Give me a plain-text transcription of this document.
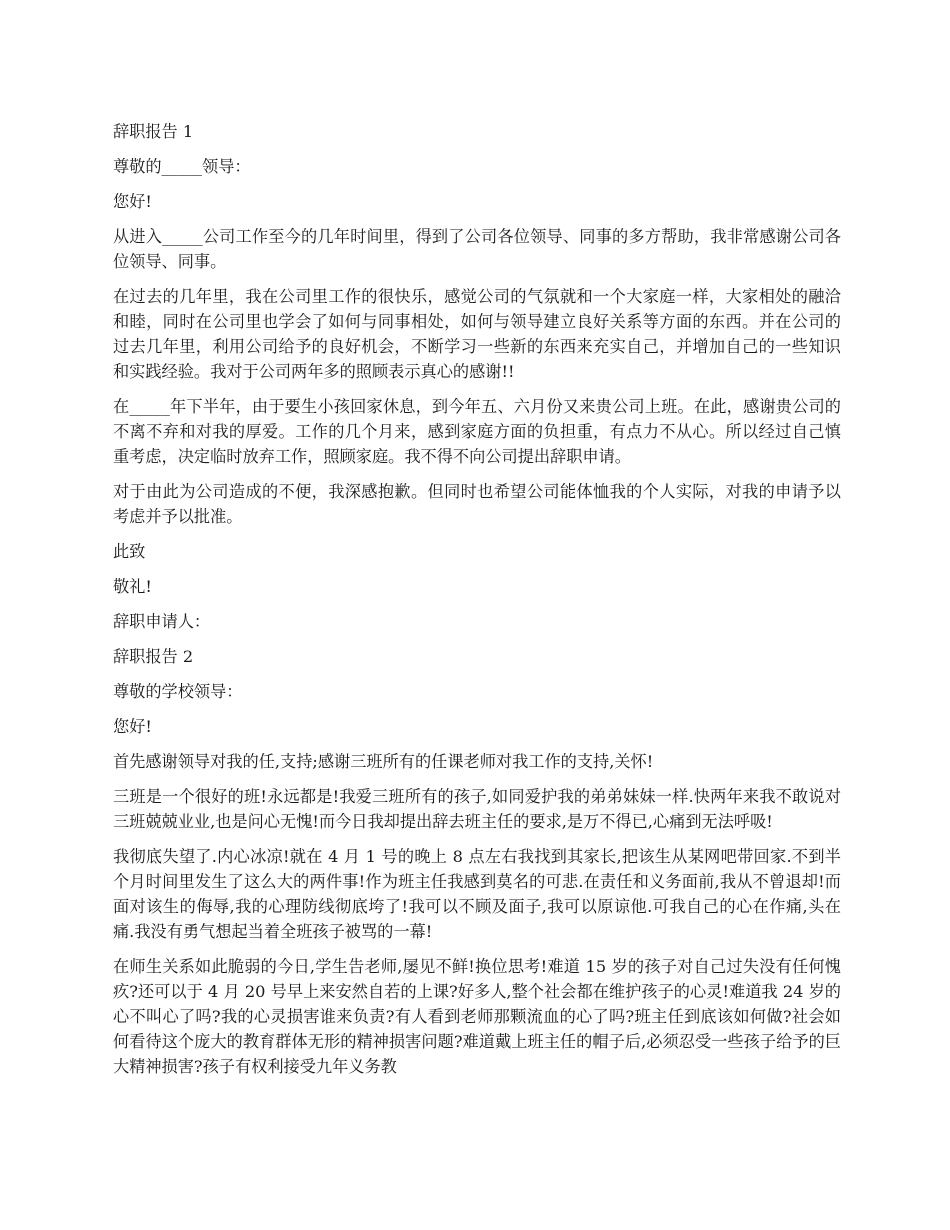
辞职报告 1

尊敬的_____领导：

您好!

从进入_____公司工作至今的几年时间里，得到了公司各位领导、同事的多方帮助，我非常感谢公司各位领导、同事。

在过去的几年里，我在公司里工作的很快乐，感觉公司的气氛就和一个大家庭一样，大家相处的融洽和睦，同时在公司里也学会了如何与同事相处，如何与领导建立良好关系等方面的东西。并在公司的过去几年里，利用公司给予的良好机会，不断学习一些新的东西来充实自己，并增加自己的一些知识和实践经验。我对于公司两年多的照顾表示真心的感谢!!

在_____年下半年，由于要生小孩回家休息，到今年五、六月份又来贵公司上班。在此，感谢贵公司的不离不弃和对我的厚爱。工作的几个月来，感到家庭方面的负担重，有点力不从心。所以经过自己慎重考虑，决定临时放弃工作，照顾家庭。我不得不向公司提出辞职申请。

对于由此为公司造成的不便，我深感抱歉。但同时也希望公司能体恤我的个人实际，对我的申请予以考虑并予以批准。

此致

敬礼!

辞职申请人：

辞职报告 2

尊敬的学校领导：

您好!

首先感谢领导对我的任,支持;感谢三班所有的任课老师对我工作的支持,关怀!

三班是一个很好的班!永远都是!我爱三班所有的孩子,如同爱护我的弟弟妹妹一样.快两年来我不敢说对三班兢兢业业,也是问心无愧!而今日我却提出辞去班主任的要求,是万不得已,心痛到无法呼吸!

我彻底失望了.内心冰凉!就在 4 月 1 号的晚上 8 点左右我找到其家长,把该生从某网吧带回家.不到半个月时间里发生了这么大的两件事!作为班主任我感到莫名的可悲.在责任和义务面前,我从不曾退却!而面对该生的侮辱,我的心理防线彻底垮了!我可以不顾及面子,我可以原谅他.可我自己的心在作痛,头在痛.我没有勇气想起当着全班孩子被骂的一幕!

在师生关系如此脆弱的今日,学生告老师,屡见不鲜!换位思考!难道 15 岁的孩子对自己过失没有任何愧疚?还可以于 4 月 20 号早上来安然自若的上课?好多人,整个社会都在维护孩子的心灵!难道我 24 岁的心不叫心了吗?我的心灵损害谁来负责?有人看到老师那颗流血的心了吗?班主任到底该如何做?社会如何看待这个庞大的教育群体无形的精神损害问题?难道戴上班主任的帽子后,必须忍受一些孩子给予的巨大精神损害?孩子有权利接受九年义务教
